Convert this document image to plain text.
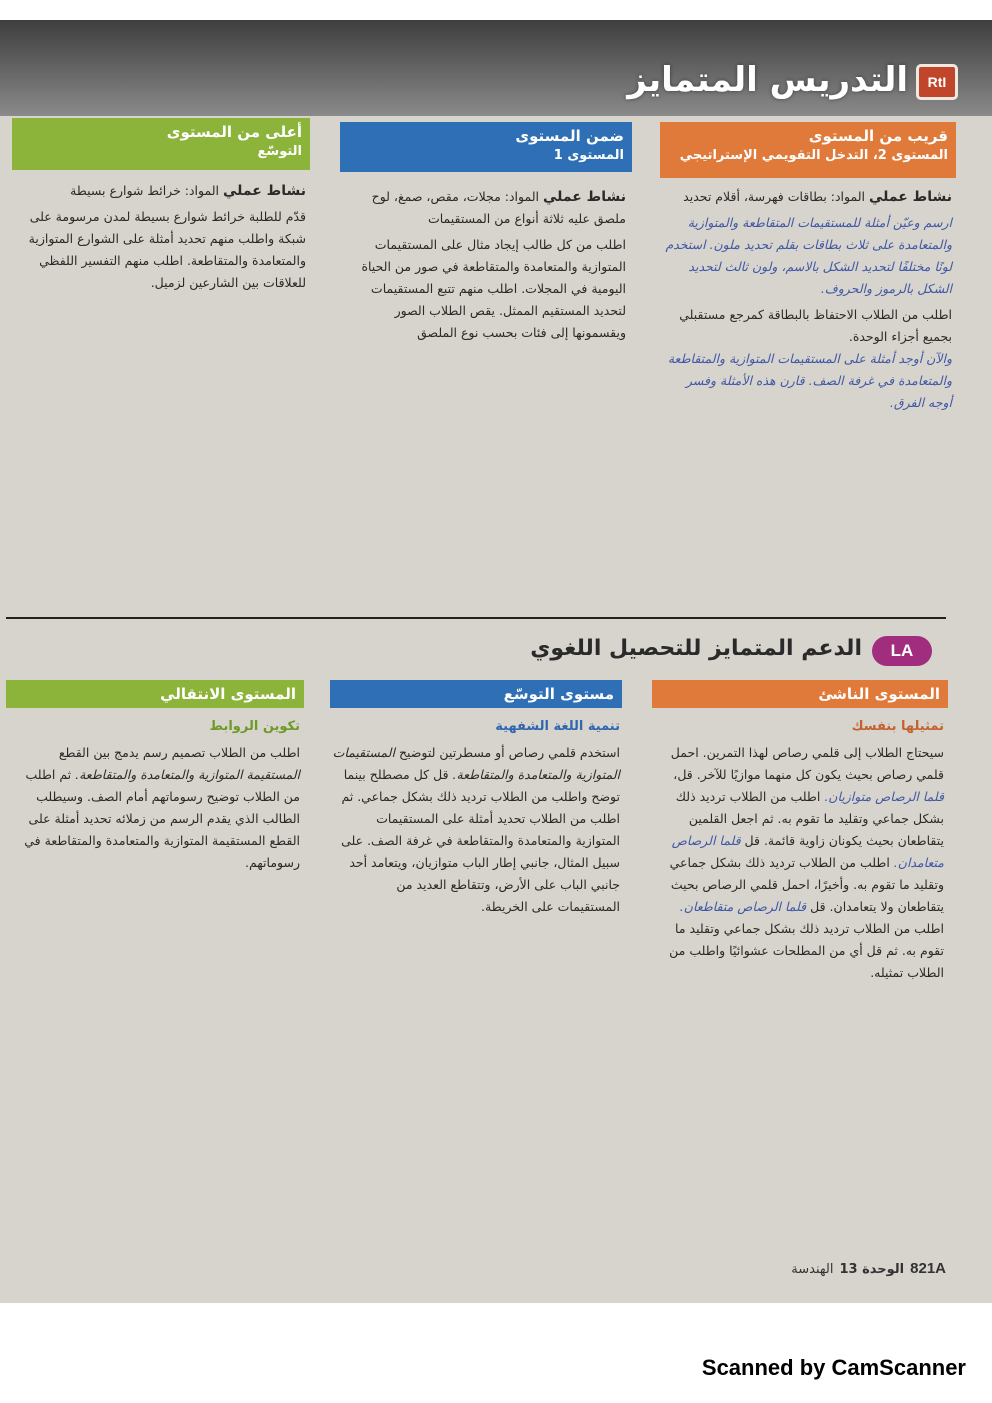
RtI
التدريس المتمايز
قريب من المستوى
المستوى 2، التدخل التقويمي الإستراتيجي

نشاط عملي المواد: بطاقات فهرسة، أقلام تحديد

ارسم وعيّن أمثلة للمستقيمات المتقاطعة والمتوازية والمتعامدة على ثلاث بطاقات بقلم تحديد ملون. استخدم لونًا مختلفًا لتحديد الشكل بالاسم، ولون ثالث لتحديد الشكل بالرموز والحروف.

اطلب من الطلاب الاحتفاظ بالبطاقة كمرجع مستقبلي بجميع أجزاء الوحدة.

والآن أوجد أمثلة على المستقيمات المتوازية والمتقاطعة والمتعامدة في غرفة الصف. قارن هذه الأمثلة وفسر أوجه الفرق.

ضمن المستوى
المستوى 1

نشاط عملي المواد: مجلات، مقص، صمغ، لوح ملصق عليه ثلاثة أنواع من المستقيمات

اطلب من كل طالب إيجاد مثال على المستقيمات المتوازية والمتعامدة والمتقاطعة في صور من الحياة اليومية في المجلات. اطلب منهم تتبع المستقيمات لتحديد المستقيم الممثل. يقص الطلاب الصور ويقسمونها إلى فئات بحسب نوع الملصق

أعلى من المستوى
التوسّع

نشاط عملي المواد: خرائط شوارع بسيطة

قدّم للطلبة خرائط شوارع بسيطة لمدن مرسومة على شبكة واطلب منهم تحديد أمثلة على الشوارع المتوازية والمتعامدة والمتقاطعة. اطلب منهم التفسير اللفظي للعلاقات بين الشارعين لزميل.

LA
الدعم المتمايز للتحصيل اللغوي
المستوى الناشئ

تمثيلها بنفسك

سيحتاج الطلاب إلى قلمي رصاص لهذا التمرين. احمل قلمي رصاص بحيث يكون كل منهما موازيًا للآخر. قل، قلما الرصاص متوازيان. اطلب من الطلاب ترديد ذلك بشكل جماعي وتقليد ما تقوم به. ثم اجعل القلمين يتقاطعان بحيث يكونان زاوية قائمة. قل قلما الرصاص متعامدان. اطلب من الطلاب ترديد ذلك بشكل جماعي وتقليد ما تقوم به. وأخيرًا، احمل قلمي الرصاص بحيث يتقاطعان ولا يتعامدان. قل قلما الرصاص متقاطعان. اطلب من الطلاب ترديد ذلك بشكل جماعي وتقليد ما تقوم به. ثم قل أي من المطلحات عشوائيًا واطلب من الطلاب تمثيله.

مستوى التوسّع

تنمية اللغة الشفهية

استخدم قلمي رصاص أو مسطرتين لتوضيح المستقيمات المتوازية والمتعامدة والمتقاطعة. قل كل مصطلح بينما توضح واطلب من الطلاب ترديد ذلك بشكل جماعي. ثم اطلب من الطلاب تحديد أمثلة على المستقيمات المتوازية والمتعامدة والمتقاطعة في غرفة الصف. على سبيل المثال، جانبي إطار الباب متوازيان، ويتعامد أحد جانبي الباب على الأرض، وتتقاطع العديد من المستقيمات على الخريطة.

المستوى الانتقالي

تكوين الروابط

اطلب من الطلاب تصميم رسم يدمج بين القطع المستقيمة المتوازية والمتعامدة والمتقاطعة. ثم اطلب من الطلاب توضيح رسوماتهم أمام الصف. وسيطلب الطالب الذي يقدم الرسم من زملائه تحديد أمثلة على القطع المستقيمة المتوازية والمتعامدة والمتقاطعة في رسوماتهم.

821A
الوحدة 13
الهندسة
Scanned by CamScanner
